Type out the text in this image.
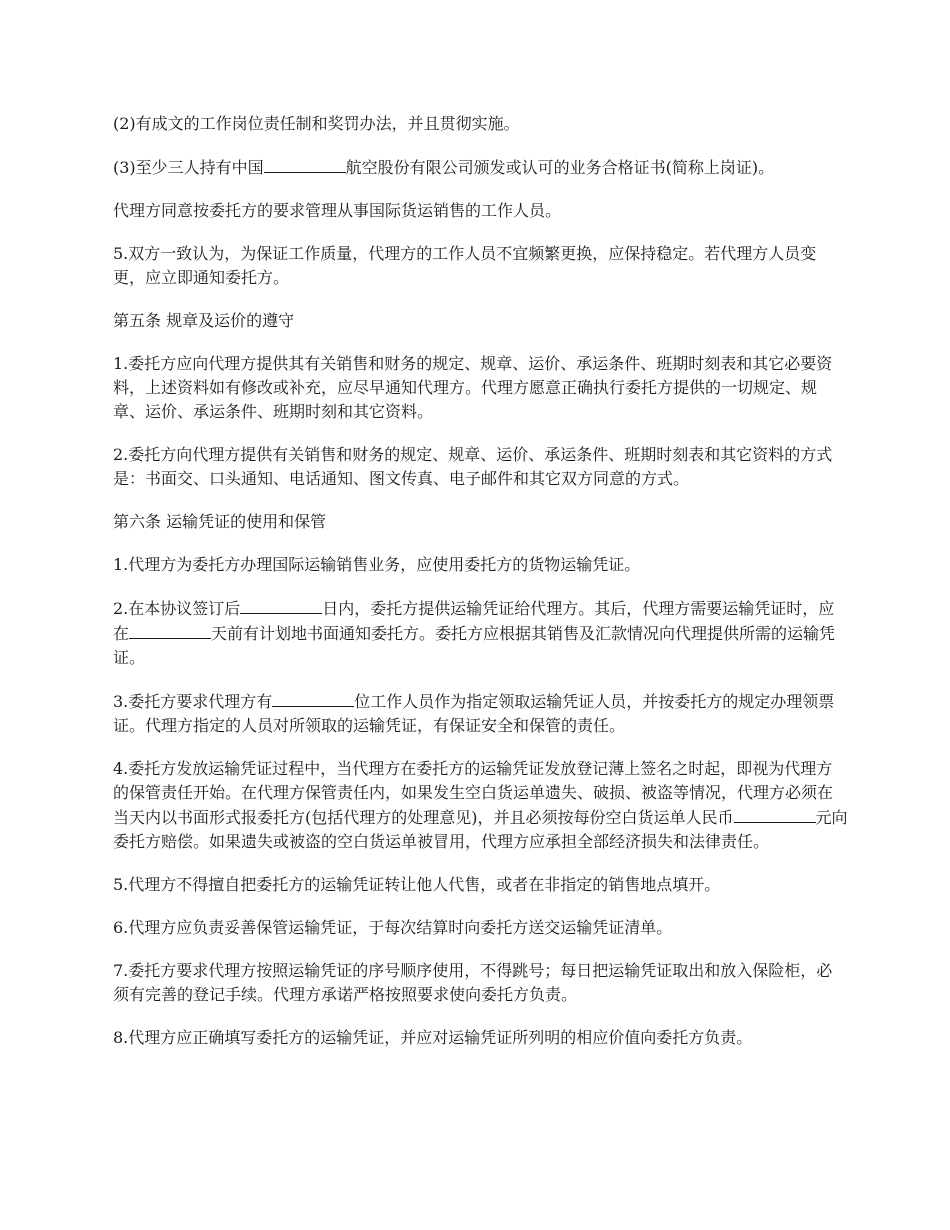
(2)有成文的工作岗位责任制和奖罚办法，并且贯彻实施。

(3)至少三人持有中国	航空股份有限公司颁发或认可的业务合格证书(简称上岗证)。

代理方同意按委托方的要求管理从事国际货运销售的工作人员。

5.双方一致认为，为保证工作质量，代理方的工作人员不宜频繁更换，应保持稳定。若代理方人员变更，应立即通知委托方。

第五条 规章及运价的遵守

1.委托方应向代理方提供其有关销售和财务的规定、规章、运价、承运条件、班期时刻表和其它必要资料，上述资料如有修改或补充，应尽早通知代理方。代理方愿意正确执行委托方提供的一切规定、规章、运价、承运条件、班期时刻和其它资料。

2.委托方向代理方提供有关销售和财务的规定、规章、运价、承运条件、班期时刻表和其它资料的方式是：书面交、口头通知、电话通知、图文传真、电子邮件和其它双方同意的方式。

第六条 运输凭证的使用和保管

1.代理方为委托方办理国际运输销售业务，应使用委托方的货物运输凭证。

2.在本协议签订后	日内，委托方提供运输凭证给代理方。其后，代理方需要运输凭证时，应在	天前有计划地书面通知委托方。委托方应根据其销售及汇款情况向代理提供所需的运输凭证。

3.委托方要求代理方有	位工作人员作为指定领取运输凭证人员，并按委托方的规定办理领票证。代理方指定的人员对所领取的运输凭证，有保证安全和保管的责任。

4.委托方发放运输凭证过程中，当代理方在委托方的运输凭证发放登记薄上签名之时起，即视为代理方的保管责任开始。在代理方保管责任内，如果发生空白货运单遗失、破损、被盗等情况，代理方必须在当天内以书面形式报委托方(包括代理方的处理意见)，并且必须按每份空白货运单人民币	元向委托方赔偿。如果遗失或被盗的空白货运单被冒用，代理方应承担全部经济损失和法律责任。

5.代理方不得擅自把委托方的运输凭证转让他人代售，或者在非指定的销售地点填开。

6.代理方应负责妥善保管运输凭证，于每次结算时向委托方送交运输凭证清单。

7.委托方要求代理方按照运输凭证的序号顺序使用，不得跳号；每日把运输凭证取出和放入保险柜，必须有完善的登记手续。代理方承诺严格按照要求使向委托方负责。

8.代理方应正确填写委托方的运输凭证，并应对运输凭证所列明的相应价值向委托方负责。
